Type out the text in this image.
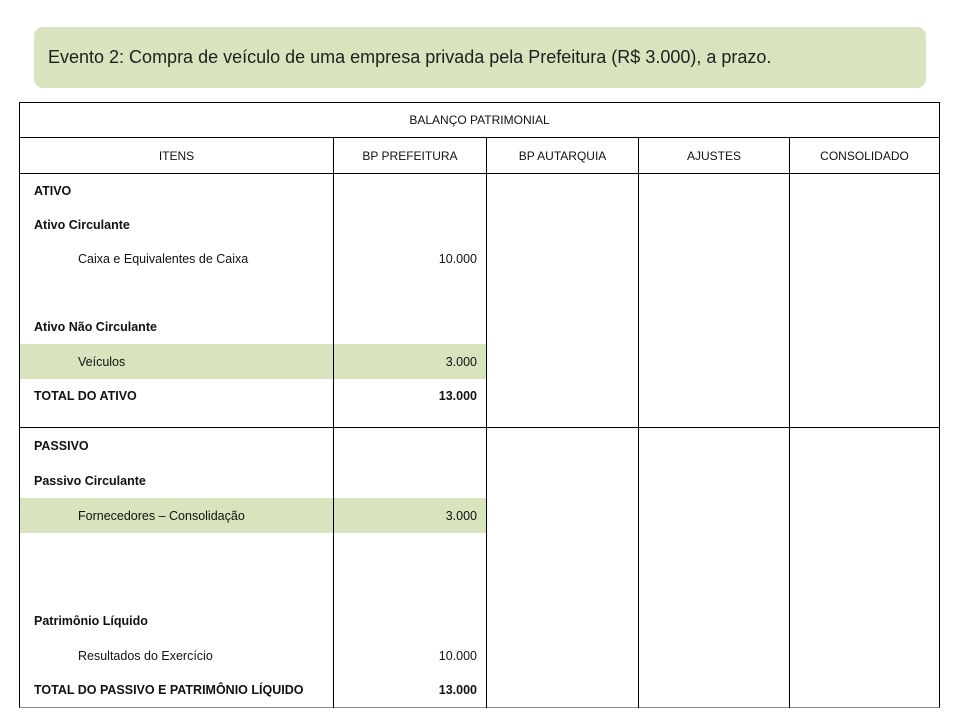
Evento 2: Compra de veículo de uma empresa privada pela Prefeitura (R$ 3.000), a prazo.
BALANÇO PATRIMONIAL
ITENS	BP PREFEITURA	BP AUTARQUIA	AJUSTES	CONSOLIDADO
ATIVO
Ativo Circulante
Caixa e Equivalentes de Caixa	10.000
Ativo Não Circulante
Veículos	3.000
TOTAL DO ATIVO	13.000
PASSIVO
Passivo Circulante
Fornecedores – Consolidação	3.000
Patrimônio Líquido
Resultados do Exercício	10.000
TOTAL DO PASSIVO E PATRIMÔNIO LÍQUIDO	13.000
